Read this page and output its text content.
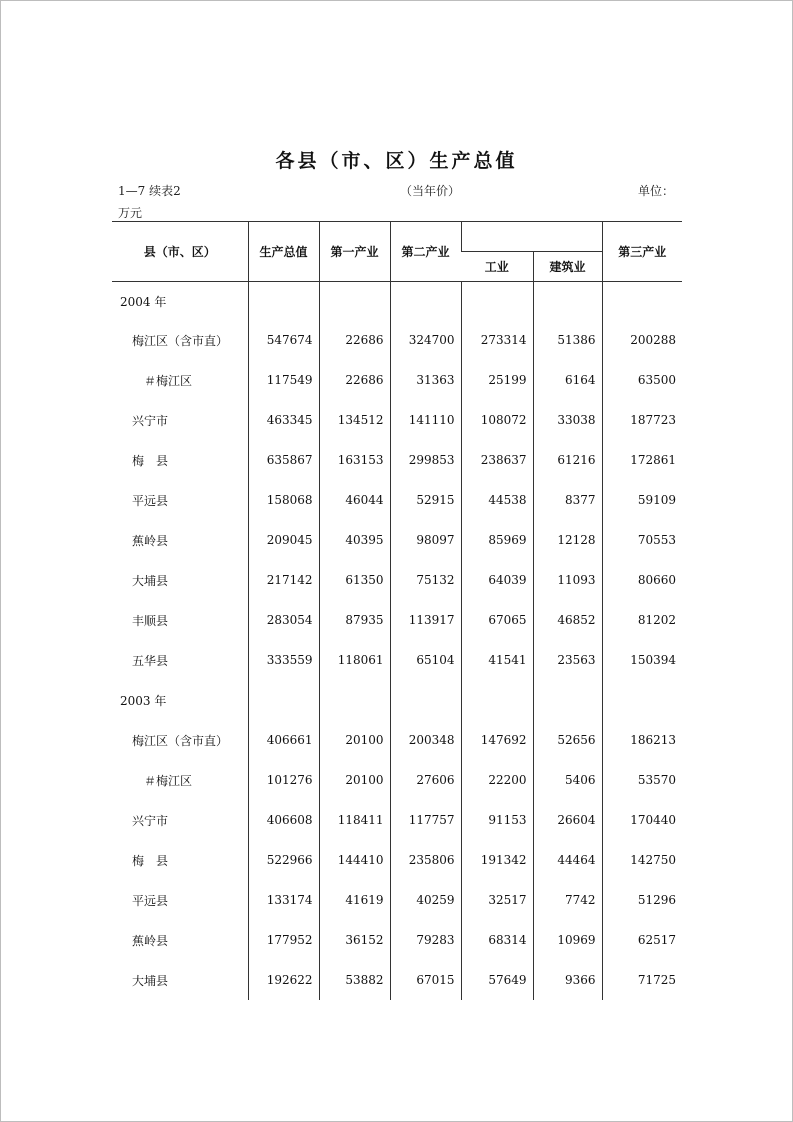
各县（市、区）生产总值
1—7 续表2	（当年价）	单位：
万元
县（市、区）	生产总值	第一产业	第二产业			第三产业
				工业	建筑业	
2004 年						
梅江区（含市直）	547674	22686	324700	273314	51386	200288
＃梅江区	117549	22686	31363	25199	6164	63500
兴宁市	463345	134512	141110	108072	33038	187723
梅　县	635867	163153	299853	238637	61216	172861
平远县	158068	46044	52915	44538	8377	59109
蕉岭县	209045	40395	98097	85969	12128	70553
大埔县	217142	61350	75132	64039	11093	80660
丰顺县	283054	87935	113917	67065	46852	81202
五华县	333559	118061	65104	41541	23563	150394
2003 年						
梅江区（含市直）	406661	20100	200348	147692	52656	186213
＃梅江区	101276	20100	27606	22200	5406	53570
兴宁市	406608	118411	117757	91153	26604	170440
梅　县	522966	144410	235806	191342	44464	142750
平远县	133174	41619	40259	32517	7742	51296
蕉岭县	177952	36152	79283	68314	10969	62517
大埔县	192622	53882	67015	57649	9366	71725
